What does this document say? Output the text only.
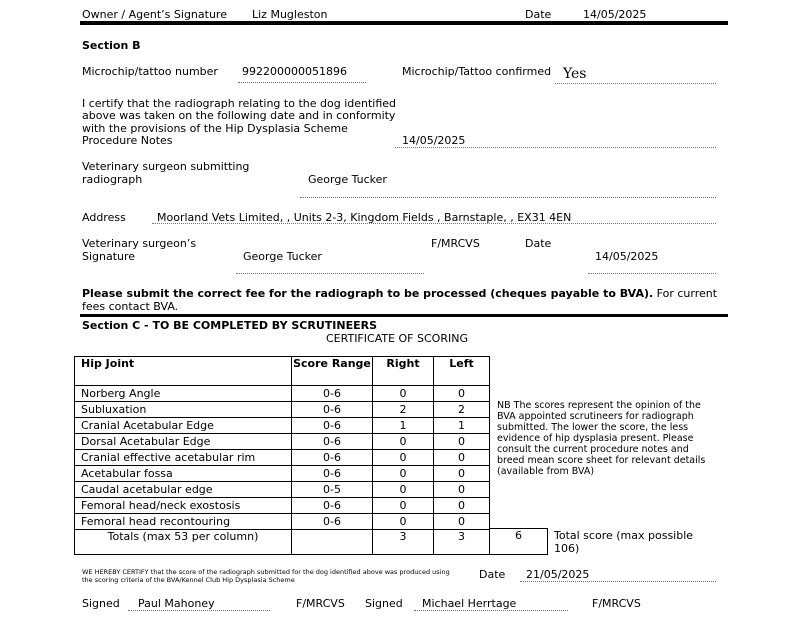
Owner / Agent’s Signature Liz Mugleston	Date	14/05/2025
Section B
Microchip/tattoo number 992200000051896	Microchip/Tattoo confirmed Yes
I certify that the radiograph relating to the dog identified
above was taken on the following date and in conformity
with the provisions of the Hip Dysplasia Scheme
Procedure Notes	14/05/2025
Veterinary surgeon submitting
radiograph	George Tucker
Address	Moorland Vets Limited, , Units 2-3, Kingdom Fields , Barnstaple, , EX31 4EN
Veterinary surgeon’s
Signature	George Tucker
F/MRCVS	Date
14/05/2025
Please submit the correct fee for the radiograph to be processed (cheques payable to BVA). For current
fees contact BVA.
Section C - TO BE COMPLETED BY SCRUTINEERS
CERTIFICATE OF SCORING
Hip Joint	Score Range	Right	Left
Norberg Angle	0-6	0	0
Subluxation	0-6	2	2
Cranial Acetabular Edge	0-6	1	1
Dorsal Acetabular Edge	0-6	0	0
Cranial effective acetabular rim	0-6	0	0
Acetabular fossa	0-6	0	0
Caudal acetabular edge	0-5	0	0
Femoral head/neck exostosis	0-6	0	0
Femoral head recontouring	0-6	0	0
Totals (max 53 per column)		3	3	6	Total score (max possible
106)
NB The scores represent the opinion of the BVA appointed scrutineers for radiograph submitted. The lower the score, the less evidence of hip dysplasia present. Please consult the current procedure notes and breed mean score sheet for relevant details (available from BVA)
WE HEREBY CERTIFY that the score of the radiograph submitted for the dog identified above was produced using
the scoring criteria of the BVA/Kennel Club Hip Dysplasia Scheme	Date 21/05/2025
Signed Paul Mahoney	F/MRCVS Signed Michael Herrtage	F/MRCVS
